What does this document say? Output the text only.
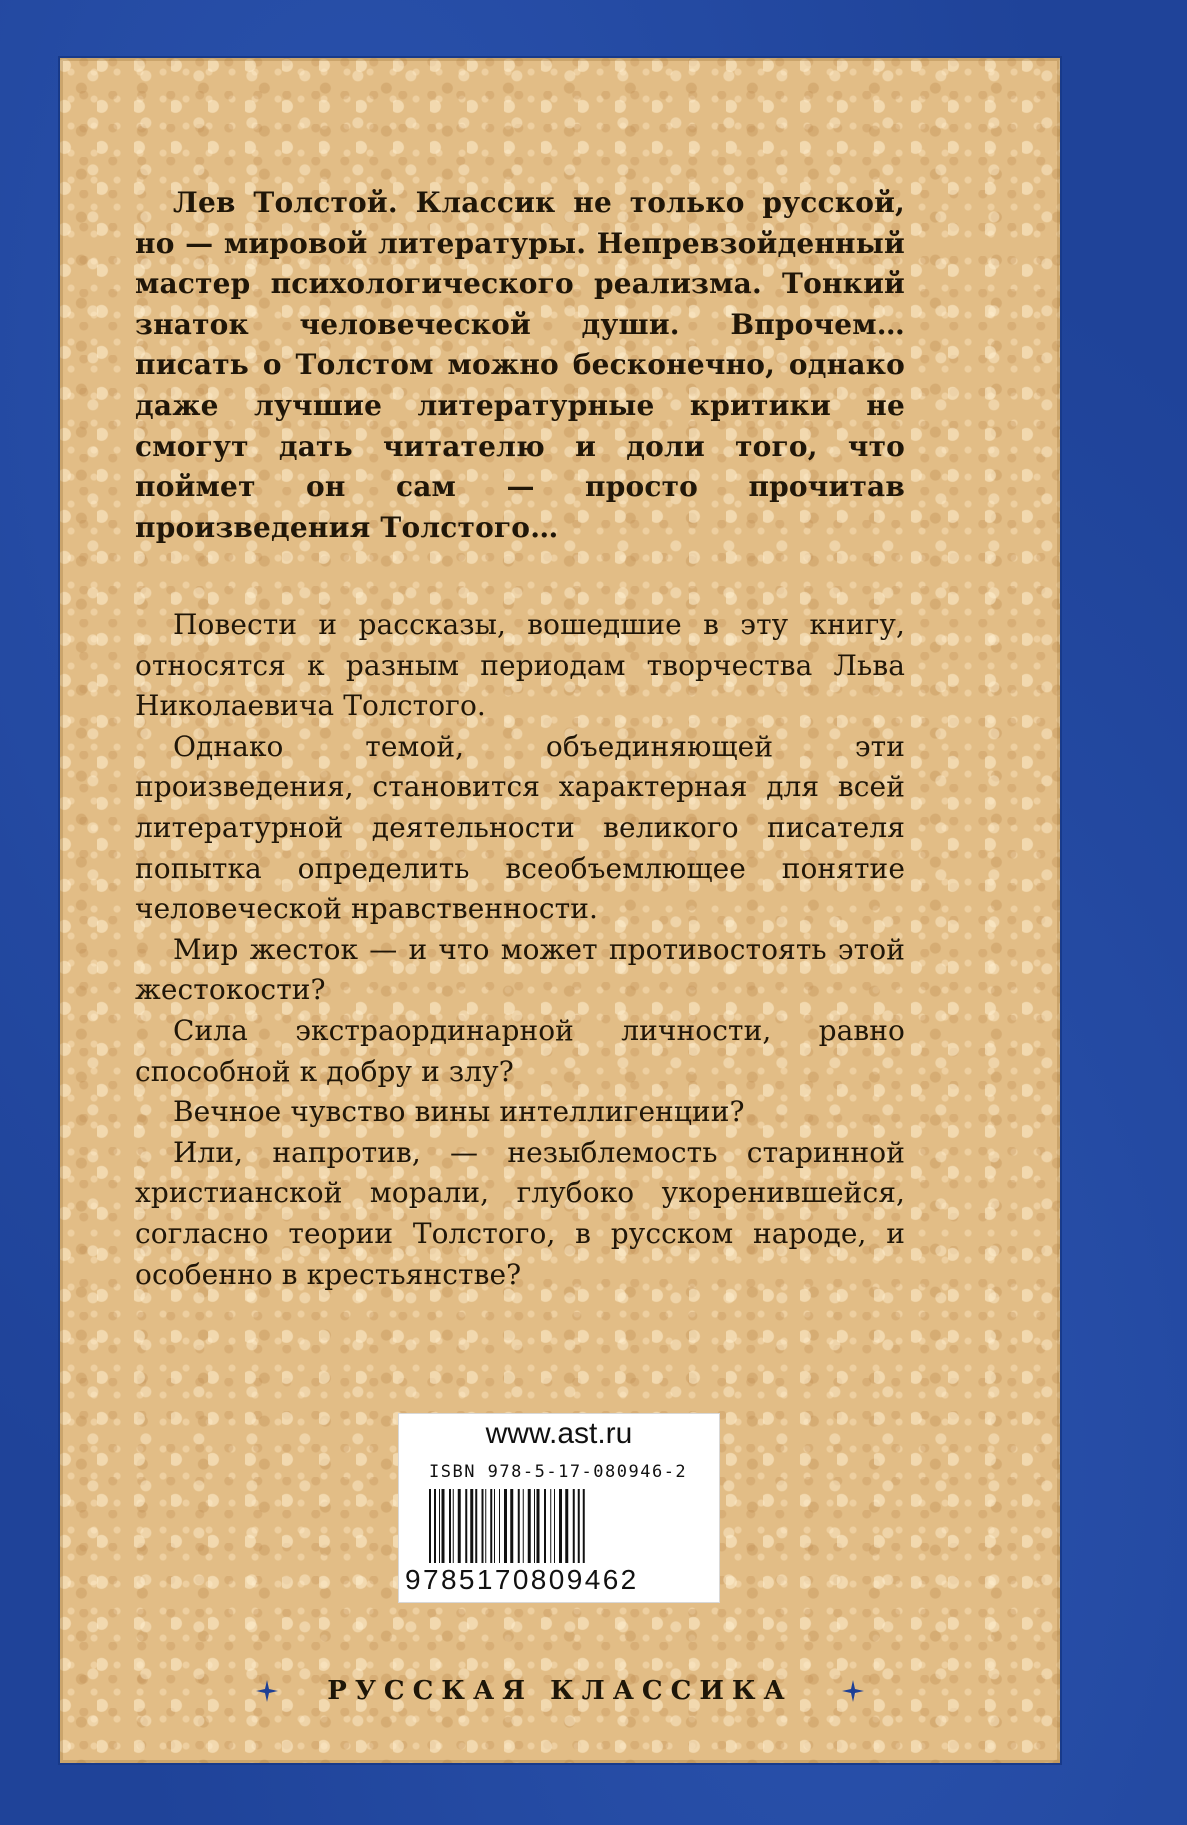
Лев Толстой. Классик не только русской, но — мировой литературы. Непревзойденный мастер психологического реализма. Тонкий знаток человеческой души. Впрочем… писать о Толстом можно бесконечно, однако даже лучшие литературные критики не смогут дать читателю и доли того, что поймет он сам — просто прочитав произведения Толстого…

Повести и рассказы, вошедшие в эту книгу, относятся к разным периодам творчества Льва Николаевича Толстого.

Однако темой, объединяющей эти произведения, становится характерная для всей литературной деятельности великого писателя попытка определить всеобъемлющее понятие человеческой нравственности.

Мир жесток — и что может противостоять этой жестокости?

Сила экстраординарной личности, равно способной к добру и злу?

Вечное чувство вины интеллигенции?

Или, напротив, — незыблемость старинной христианской морали, глубоко укоренившейся, согласно теории Толстого, в русском народе, и особенно в крестьянстве?

www.ast.ru
ISBN 978-5-17-080946-2
9785170809462
РУССКАЯ КЛАССИКА
